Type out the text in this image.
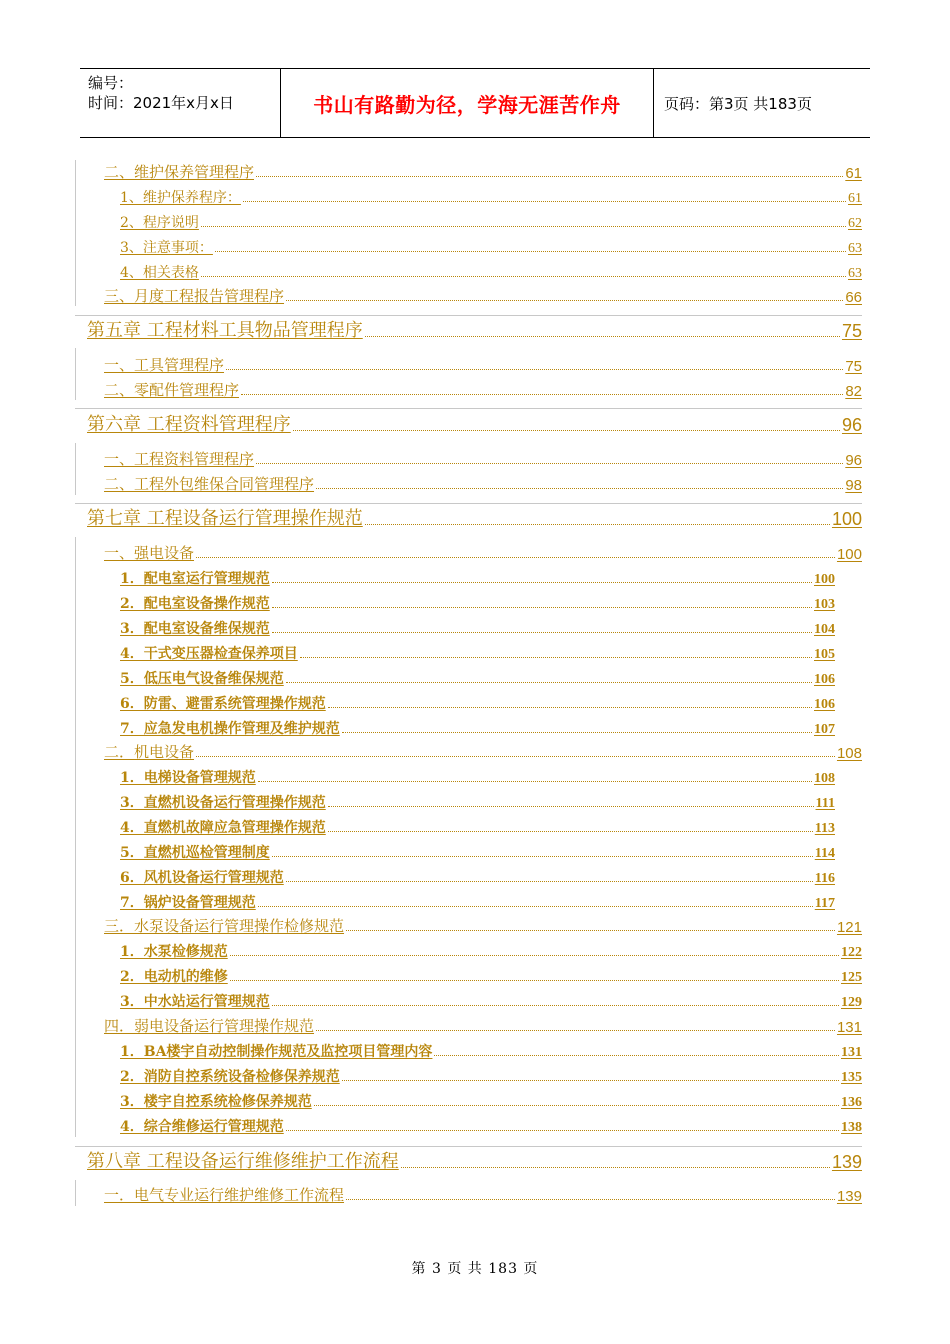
编号：
时间：2021年x月x日	书山有路勤为径，学海无涯苦作舟	页码：第3页 共183页
二、维护保养管理程序	61
1、维护保养程序：	61
2、程序说明	62
3、注意事项：	63
4、相关表格	63
三、月度工程报告管理程序	66
第五章 工程材料工具物品管理程序	75
一、工具管理程序	75
二、零配件管理程序	82
第六章 工程资料管理程序	96
一、工程资料管理程序	96
二、工程外包维保合同管理程序	98
第七章 工程设备运行管理操作规范	100
一、强电设备	100
1．配电室运行管理规范	100
2．配电室设备操作规范	103
3．配电室设备维保规范	104
4．干式变压器检查保养项目	105
5．低压电气设备维保规范	106
6．防雷、避雷系统管理操作规范	106
7．应急发电机操作管理及维护规范	107
二．机电设备	108
1．电梯设备管理规范	108
3．直燃机设备运行管理操作规范	111
4．直燃机故障应急管理操作规范	113
5．直燃机巡检管理制度	114
6．风机设备运行管理规范	116
7．锅炉设备管理规范	117
三．水泵设备运行管理操作检修规范	121
1．水泵检修规范	122
2．电动机的维修	125
3．中水站运行管理规范	129
四．弱电设备运行管理操作规范	131
1．BA楼宇自动控制操作规范及监控项目管理内容	131
2．消防自控系统设备检修保养规范	135
3．楼宇自控系统检修保养规范	136
4．综合维修运行管理规范	138
第八章 工程设备运行维修维护工作流程	139
一．电气专业运行维护维修工作流程	139
第 3 页 共 183 页
